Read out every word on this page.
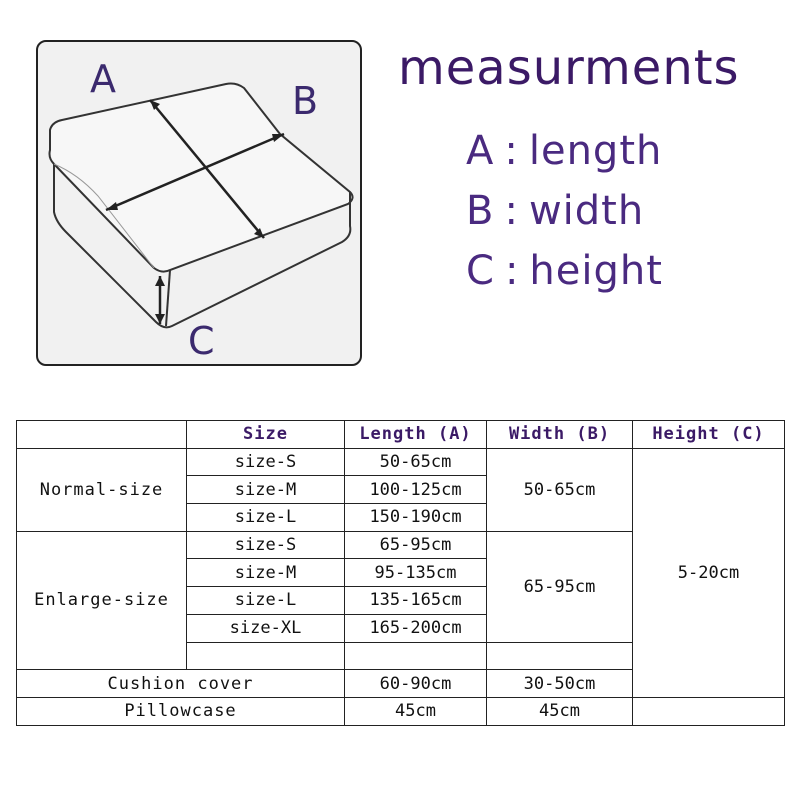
A	B
C
measurments
A : length
B : width
C : height
	Size	Length (A)	Width (B)	Height (C)
Normal-size	size-S	50-65cm	50-65cm	5-20cm
	size-M	100-125cm		
	size-L	150-190cm		
Enlarge-size	size-S	65-95cm	65-95cm	
	size-M	95-135cm		
	size-L	135-165cm		
	size-XL	165-200cm		

Cushion cover		60-90cm	30-50cm	
Pillowcase		45cm	45cm	
